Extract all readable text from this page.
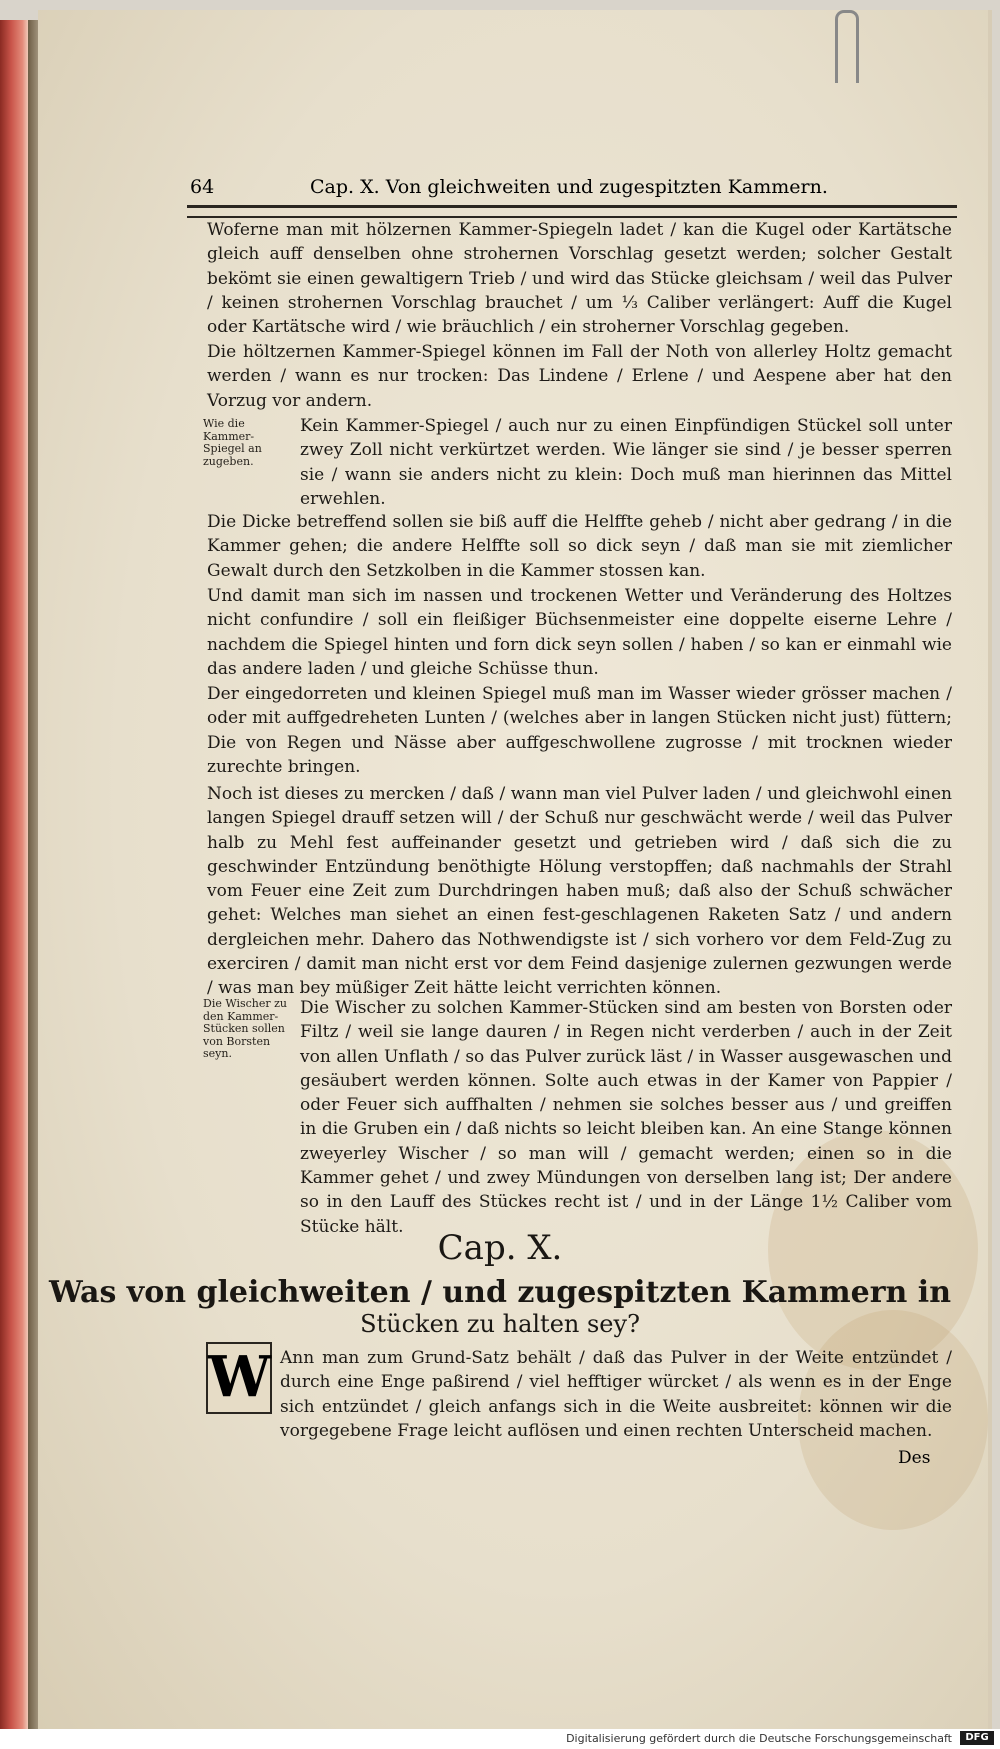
64	Cap. X. Von gleichweiten und zugespitzten Kammern.

Woferne man mit hölzernen Kammer-Spiegeln ladet / kan die Kugel oder Kartätsche gleich auff denselben ohne strohernen Vorschlag gesetzt werden; solcher Gestalt bekömt sie einen gewaltigern Trieb / und wird das Stücke gleichsam / weil das Pulver / keinen strohernen Vorschlag brauchet / um ⅓ Caliber verlängert: Auff die Kugel oder Kartätsche wird / wie bräuchlich / ein stroherner Vorschlag gegeben.

Die höltzernen Kammer-Spiegel können im Fall der Noth von allerley Holtz gemacht werden / wann es nur trocken: Das Lindene / Erlene / und Aespene aber hat den Vorzug vor andern.

Wie die Kammer-Spiegel an zugeben.

Kein Kammer-Spiegel / auch nur zu einen Einpfündigen Stückel soll unter zwey Zoll nicht verkürtzet werden. Wie länger sie sind / je besser sperren sie / wann sie anders nicht zu klein: Doch muß man hierinnen das Mittel erwehlen.

Die Dicke betreffend sollen sie biß auff die Helffte geheb / nicht aber gedrang / in die Kammer gehen; die andere Helffte soll so dick seyn / daß man sie mit ziemlicher Gewalt durch den Setzkolben in die Kammer stossen kan.

Und damit man sich im nassen und trockenen Wetter und Veränderung des Holtzes nicht confundire / soll ein fleißiger Büchsenmeister eine doppelte eiserne Lehre / nachdem die Spiegel hinten und forn dick seyn sollen / haben / so kan er einmahl wie das andere laden / und gleiche Schüsse thun.

Der eingedorreten und kleinen Spiegel muß man im Wasser wieder grösser machen / oder mit auffgedreheten Lunten / (welches aber in langen Stücken nicht just) füttern; Die von Regen und Nässe aber auffgeschwollene zugrosse / mit trocknen wieder zurechte bringen.

Noch ist dieses zu mercken / daß / wann man viel Pulver laden / und gleichwohl einen langen Spiegel drauff setzen will / der Schuß nur geschwächt werde / weil das Pulver halb zu Mehl fest auffeinander gesetzt und getrieben wird / daß sich die zu geschwinder Entzündung benöthigte Hölung verstopffen; daß nachmahls der Strahl vom Feuer eine Zeit zum Durchdringen haben muß; daß also der Schuß schwächer gehet: Welches man siehet an einen fest-geschlagenen Raketen Satz / und andern dergleichen mehr. Dahero das Nothwendigste ist / sich vorhero vor dem Feld-Zug zu exerciren / damit man nicht erst vor dem Feind dasjenige zulernen gezwungen werde / was man bey müßiger Zeit hätte leicht verrichten können.

Die Wischer zu den Kammer-Stücken sollen von Borsten seyn.

Die Wischer zu solchen Kammer-Stücken sind am besten von Borsten oder Filtz / weil sie lange dauren / in Regen nicht verderben / auch in der Zeit von allen Unflath / so das Pulver zurück läst / in Wasser ausgewaschen und gesäubert werden können. Solte auch etwas in der Kamer von Pappier / oder Feuer sich auffhalten / nehmen sie solches besser aus / und greiffen in die Gruben ein / daß nichts so leicht bleiben kan. An eine Stange können zweyerley Wischer / so man will / gemacht werden; einen so in die Kammer gehet / und zwey Mündungen von derselben lang ist; Der andere so in den Lauff des Stückes recht ist / und in der Länge 1½ Caliber vom Stücke hält.

Cap. X.
Was von gleichweiten / und zugespitzten Kammern in
Stücken zu halten sey?
W Ann man zum Grund-Satz behält / daß das Pulver in der Weite entzündet / durch eine Enge paßirend / viel hefftiger würcket / als wenn es in der Enge sich entzündet / gleich anfangs sich in die Weite ausbreitet: können wir die vorgegebene Frage leicht auflösen und einen rechten Unterscheid machen.

Des
Digitalisierung gefördert durch die Deutsche Forschungsgemeinschaft	DFG
